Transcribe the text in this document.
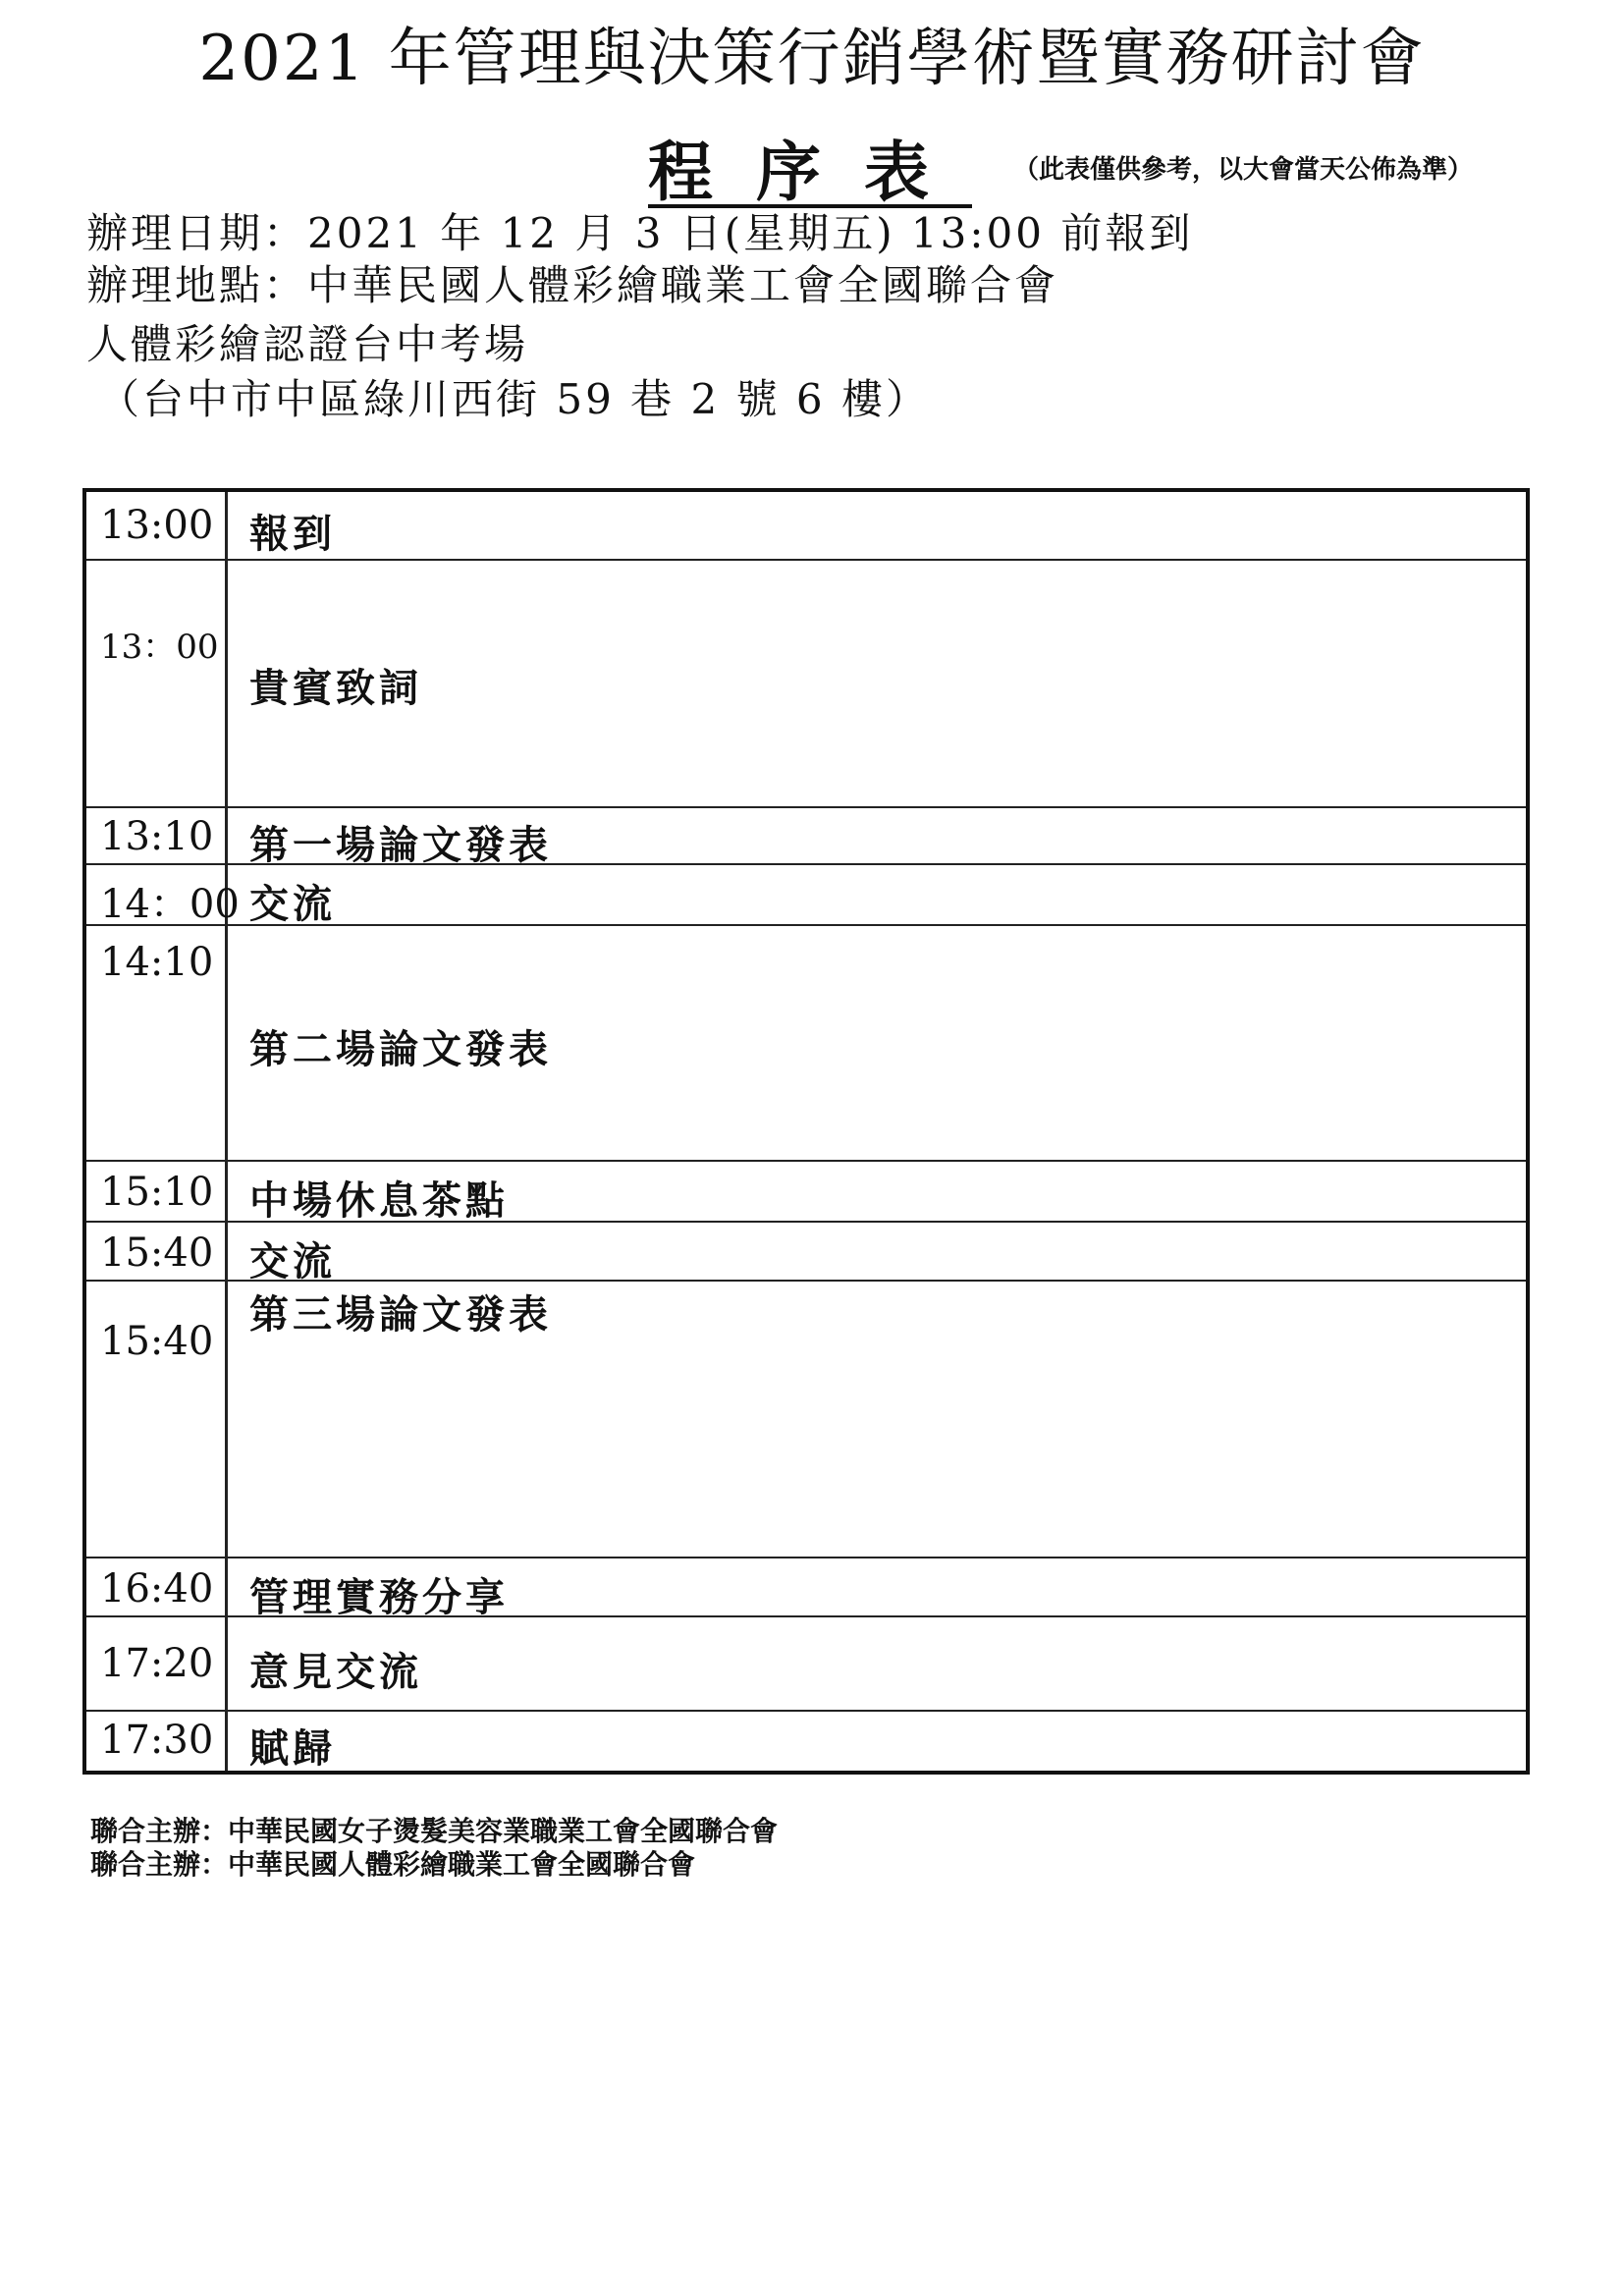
2021 年管理與決策行銷學術暨實務研討會
程序表 （此表僅供參考，以大會當天公佈為準）
辦理日期：2021 年 12 月 3 日(星期五) 13:00 前報到
辦理地點：中華民國人體彩繪職業工會全國聯合會
人體彩繪認證台中考場
（台中市中區綠川西街 59 巷 2 號 6 樓）
13:00 報到
13：00
貴賓致詞
13:10 第一場論文發表
14：00 交流
14:10
第二場論文發表
15:10 中場休息茶點
15:40 交流
15:40
第三場論文發表
16:40 管理實務分享
17:20 意見交流
17:30 賦歸
聯合主辦：中華民國女子燙髮美容業職業工會全國聯合會
聯合主辦：中華民國人體彩繪職業工會全國聯合會
